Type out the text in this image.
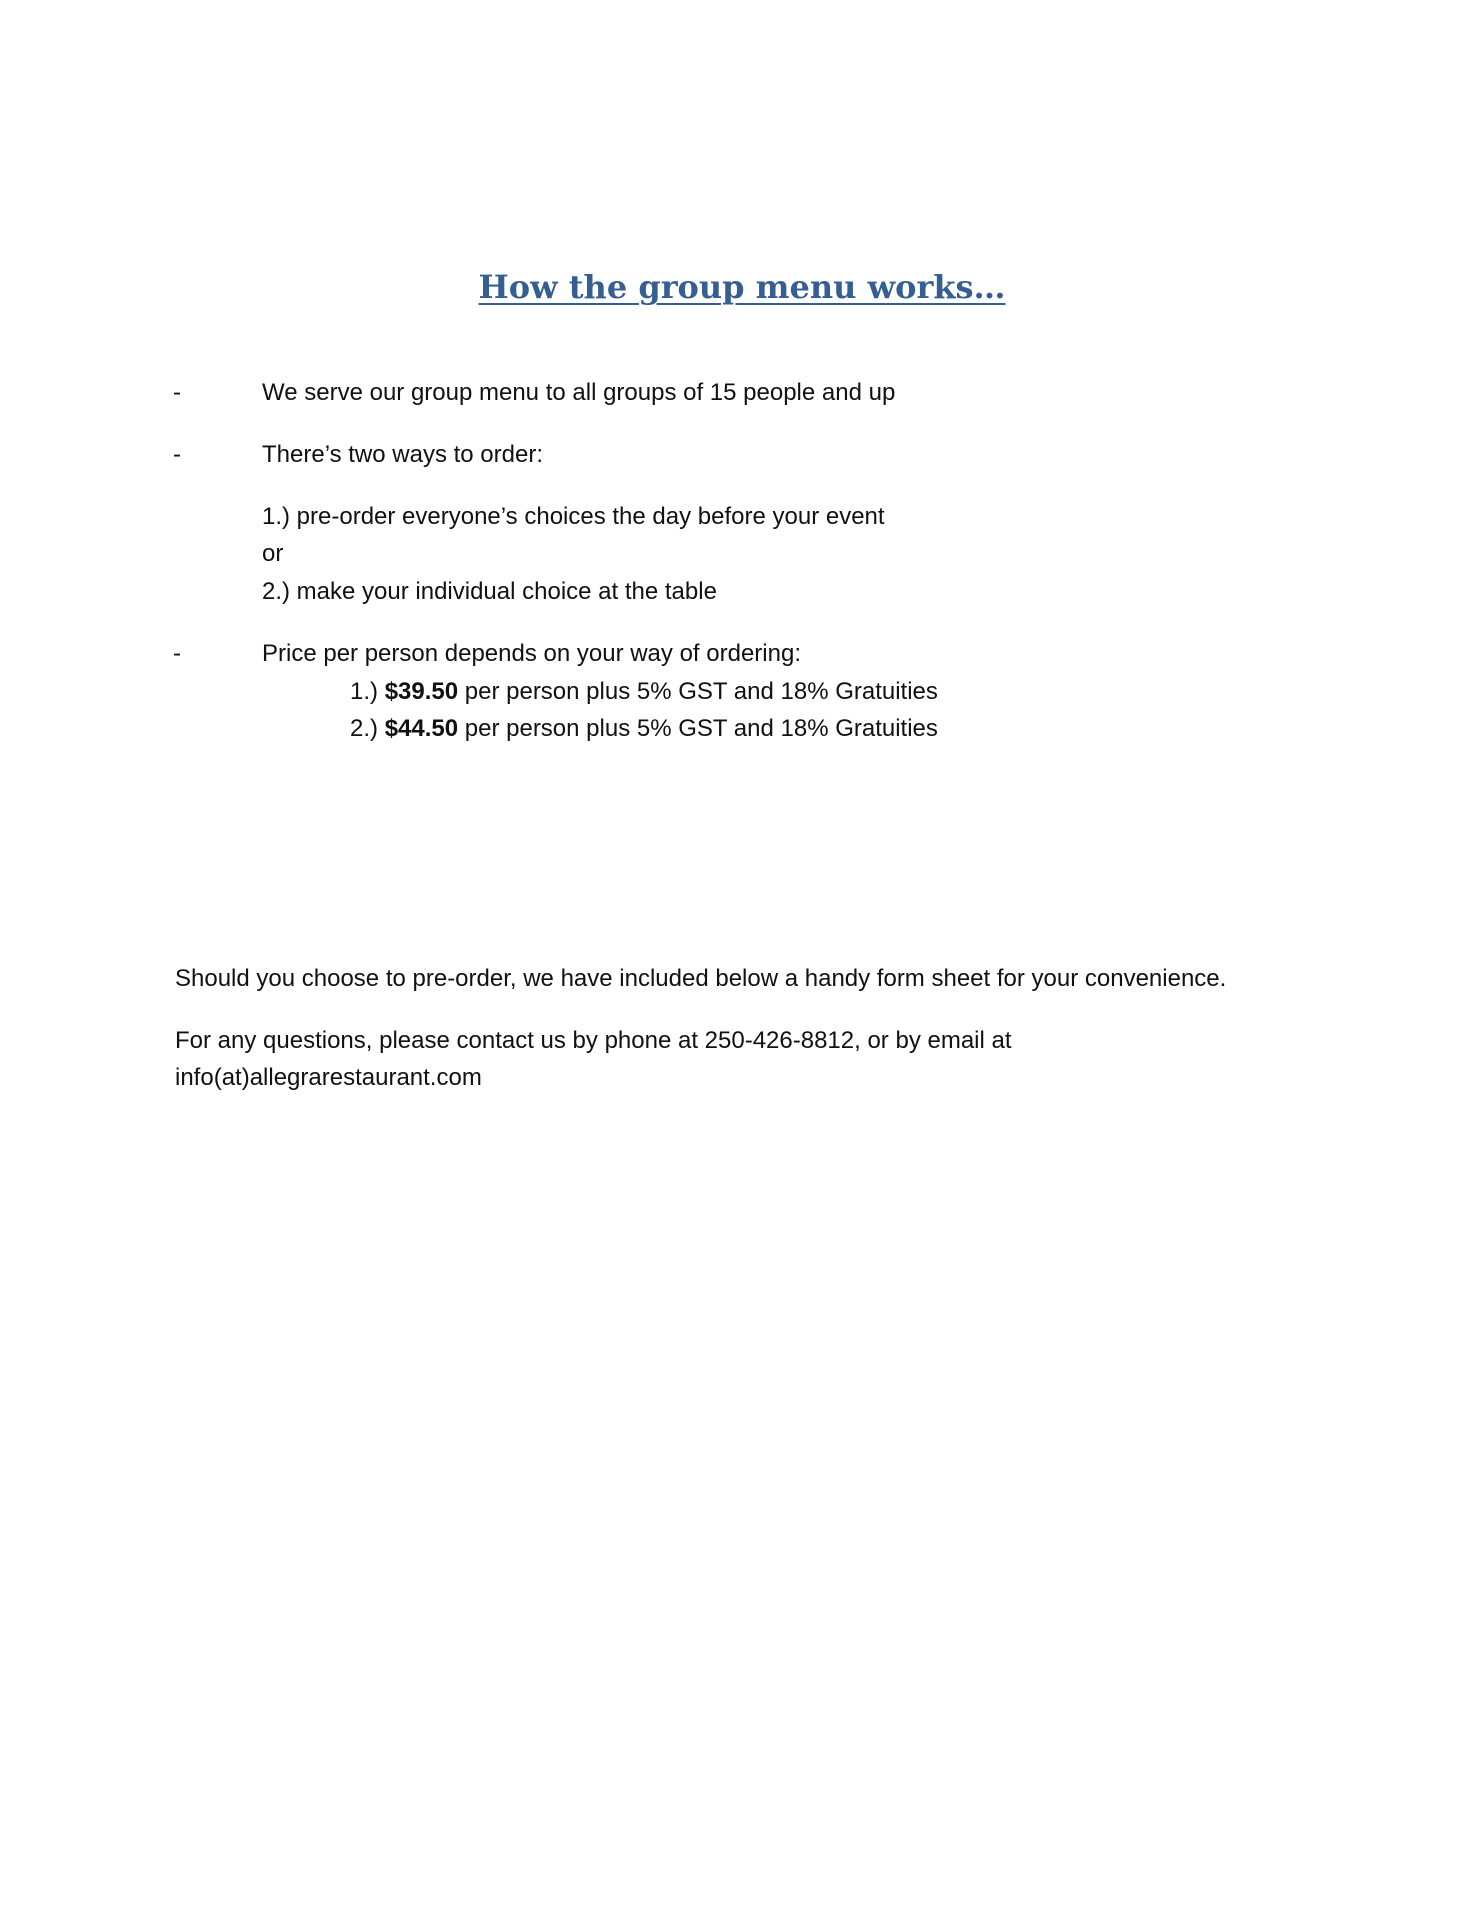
How the group menu works…
-	We serve our group menu to all groups of 15 people and up
-	There’s two ways to order:
1.) pre-order everyone’s choices the day before your event
or
2.) make your individual choice at the table
-	Price per person depends on your way of ordering:
1.) $39.50 per person plus 5% GST and 18% Gratuities
2.) $44.50 per person plus 5% GST and 18% Gratuities
Should you choose to pre-order, we have included below a handy form sheet for your convenience.
For any questions, please contact us by phone at 250-426-8812, or by email at
info(at)allegrarestaurant.com
